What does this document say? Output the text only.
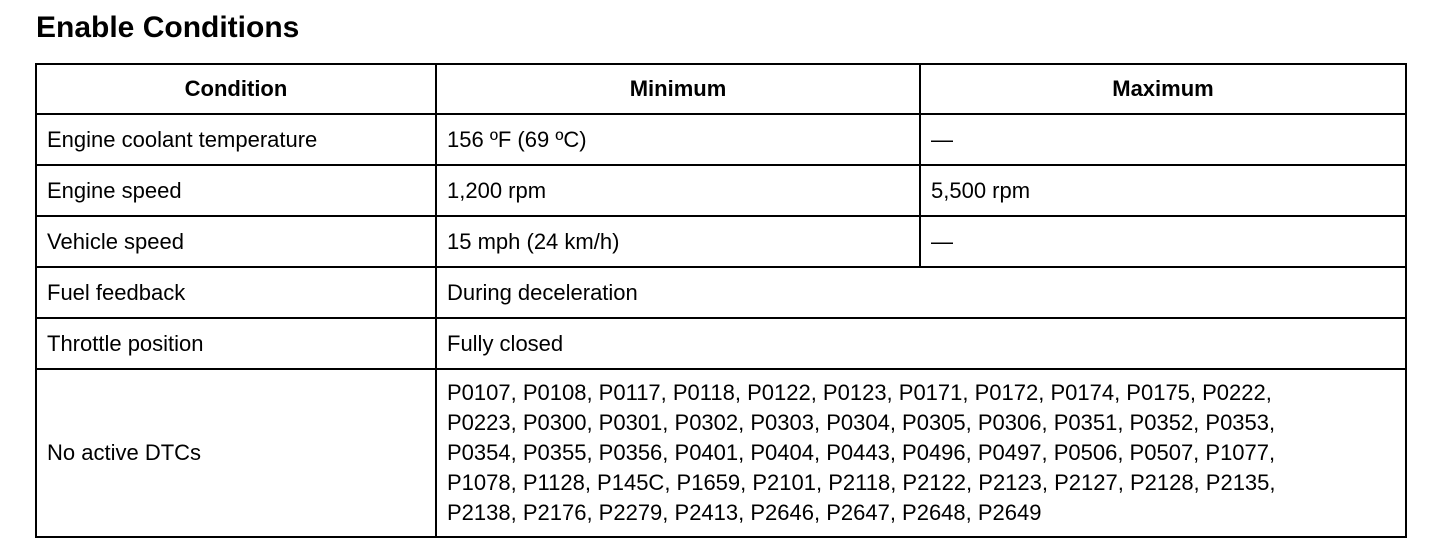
Enable Conditions
Condition	Minimum	Maximum
Engine coolant temperature	156 ºF (69 ºC)	—
Engine speed	1,200 rpm	5,500 rpm
Vehicle speed	15 mph (24 km/h)	—
Fuel feedback	During deceleration	
Throttle position	Fully closed	
No active DTCs	P0107, P0108, P0117, P0118, P0122, P0123, P0171, P0172, P0174, P0175, P0222,
P0223, P0300, P0301, P0302, P0303, P0304, P0305, P0306, P0351, P0352, P0353,
P0354, P0355, P0356, P0401, P0404, P0443, P0496, P0497, P0506, P0507, P1077,
P1078, P1128, P145C, P1659, P2101, P2118, P2122, P2123, P2127, P2128, P2135,
P2138, P2176, P2279, P2413, P2646, P2647, P2648, P2649	
